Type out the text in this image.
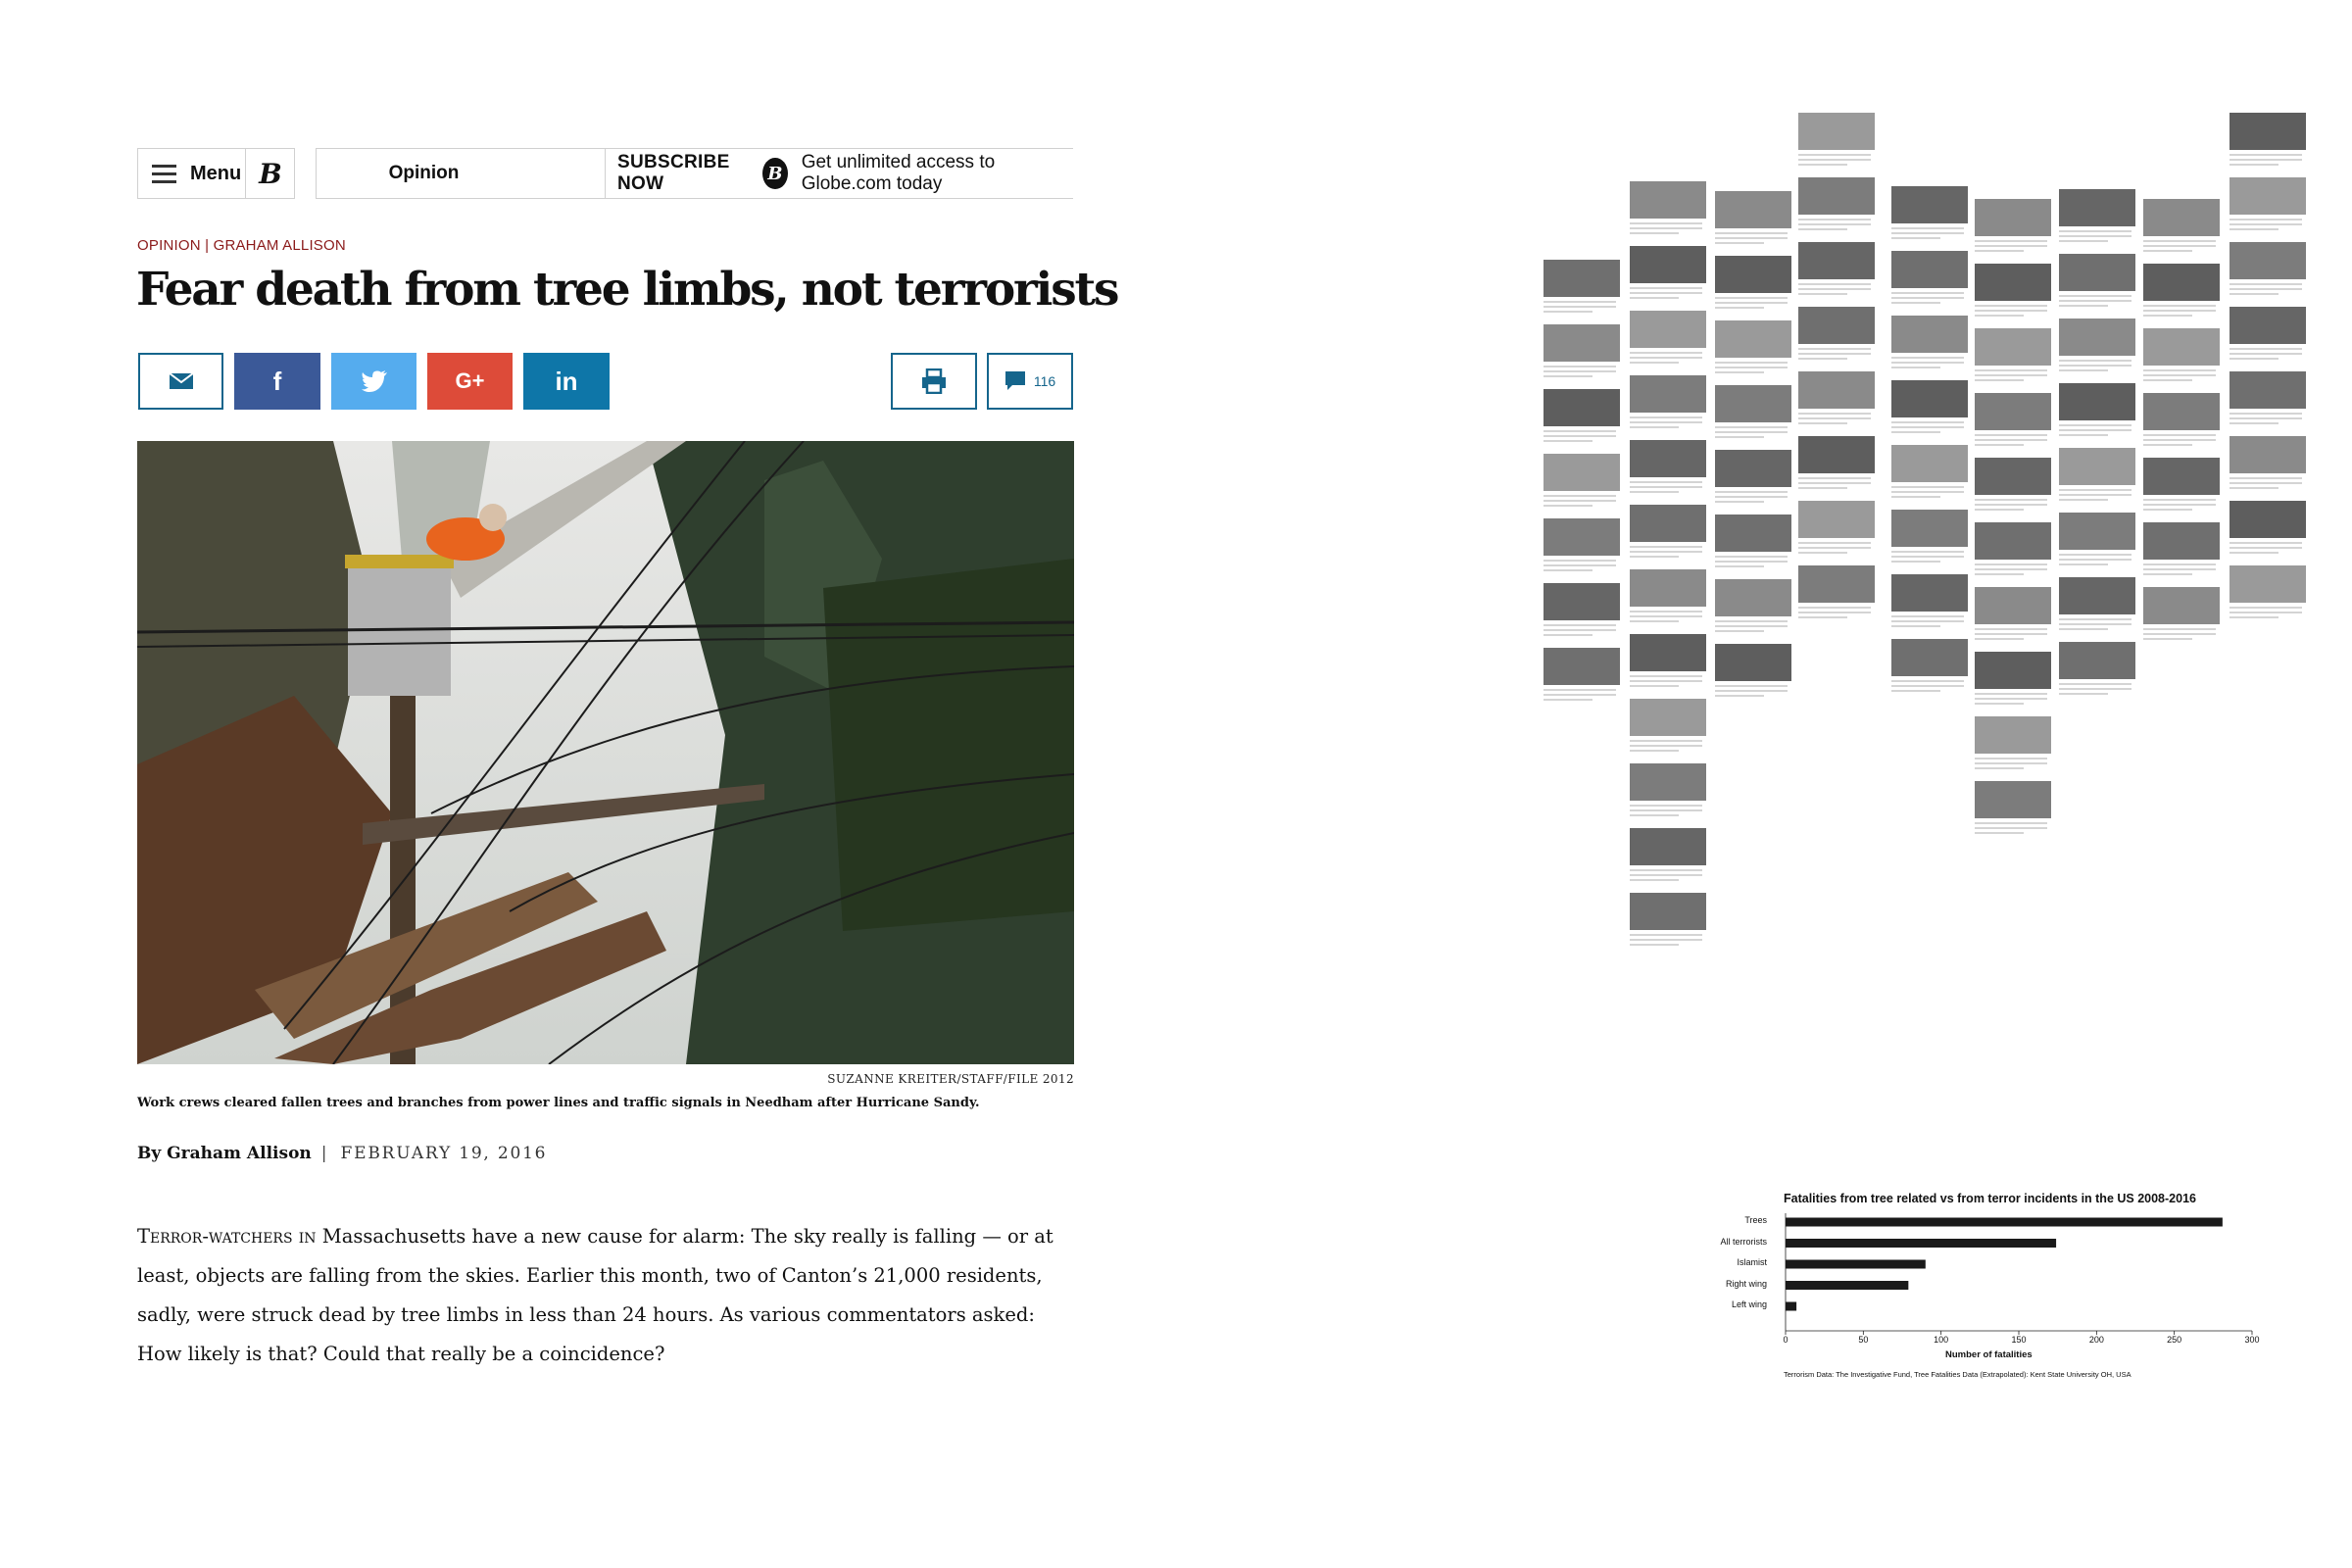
Menu B	Opinion
SUBSCRIBE NOW	B
Get unlimited access to Globe.com today
OPINION | GRAHAM ALLISON
Fear death from tree limbs, not terrorists
f	G+	in	116
SUZANNE KREITER/STAFF/FILE 2012
Work crews cleared fallen trees and branches from power lines and traffic signals in Needham after Hurricane Sandy.
By Graham Allison | FEBRUARY 19, 2016
Terror-watchers in Massachusetts have a new cause for alarm: The sky really is falling — or at least, objects are falling from the skies. Earlier this month, two of Canton’s 21,000 residents, sadly, were struck dead by tree limbs in less than 24 hours. As various commentators asked: How likely is that? Could that really be a coincidence?
Fatalities from tree related vs from terror incidents in the US 2008-2016
Number of fatalities
Terrorism Data: The Investigative Fund, Tree Fatalities Data (Extrapolated): Kent State University OH, USA
Trees
All terrorists
Islamist
Right wing
Left wing
0	50	100	150	200	250	300
